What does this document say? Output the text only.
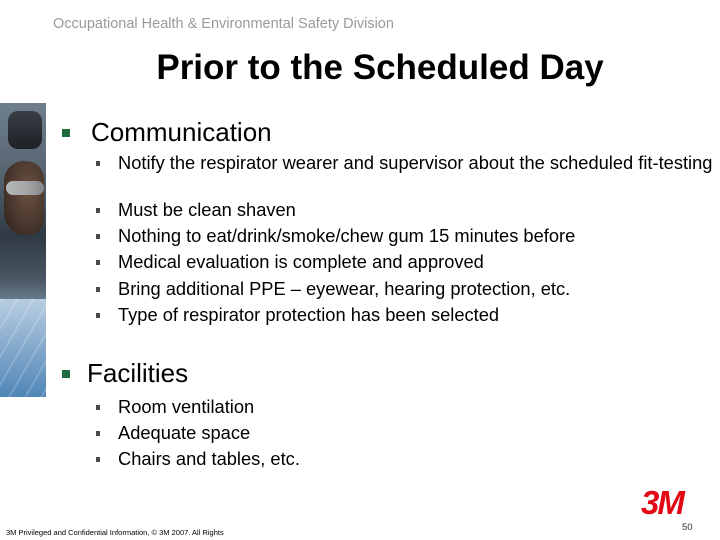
Occupational Health & Environmental Safety Division
Prior to the Scheduled Day
Communication
Notify the respirator wearer and supervisor about the scheduled fit-testing
Must be clean shaven
Nothing to eat/drink/smoke/chew gum 15 minutes before
Medical evaluation is complete and approved
Bring additional PPE – eyewear, hearing protection, etc.
Type of respirator protection has been selected
Facilities
Room ventilation
Adequate space
Chairs and tables, etc.
3M
3M Privileged and Confidential Information, © 3M 2007. All Rights	50
